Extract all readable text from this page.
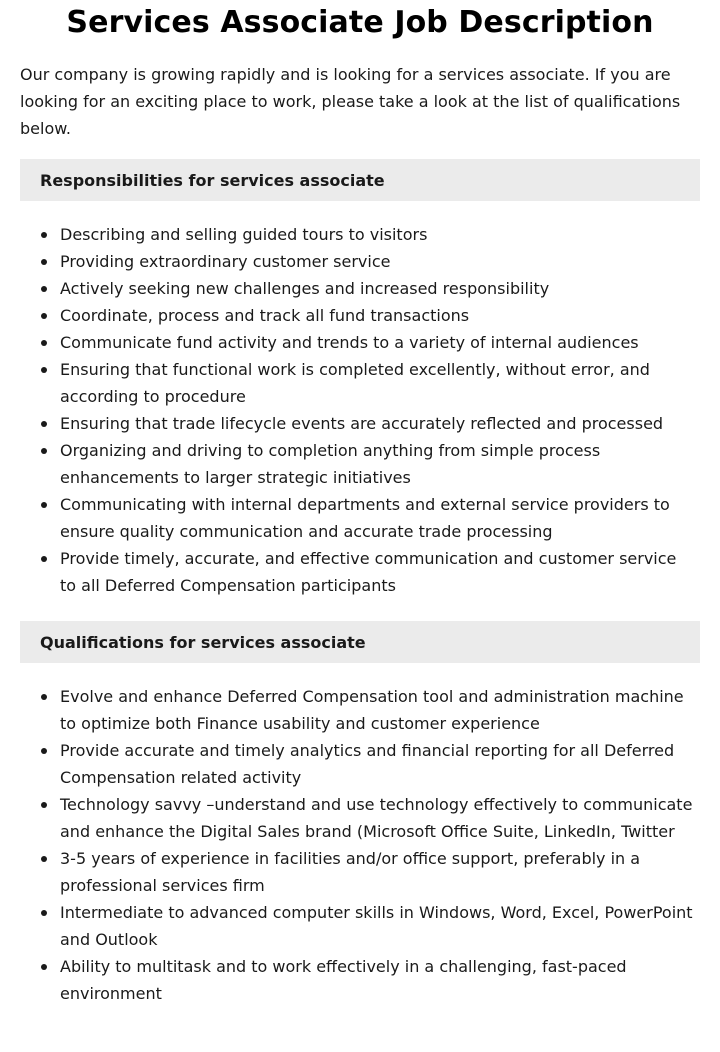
Services Associate Job Description

Our company is growing rapidly and is looking for a services associate. If you are looking for an exciting place to work, please take a look at the list of qualifications below.

Responsibilities for services associate
Describing and selling guided tours to visitors
Providing extraordinary customer service
Actively seeking new challenges and increased responsibility
Coordinate, process and track all fund transactions
Communicate fund activity and trends to a variety of internal audiences
Ensuring that functional work is completed excellently, without error, and according to procedure
Ensuring that trade lifecycle events are accurately reflected and processed
Organizing and driving to completion anything from simple process enhancements to larger strategic initiatives
Communicating with internal departments and external service providers to ensure quality communication and accurate trade processing
Provide timely, accurate, and effective communication and customer service to all Deferred Compensation participants
Qualifications for services associate
Evolve and enhance Deferred Compensation tool and administration machine to optimize both Finance usability and customer experience
Provide accurate and timely analytics and financial reporting for all Deferred Compensation related activity
Technology savvy –understand and use technology effectively to communicate and enhance the Digital Sales brand (Microsoft Office Suite, LinkedIn, Twitter
3-5 years of experience in facilities and/or office support, preferably in a professional services firm
Intermediate to advanced computer skills in Windows, Word, Excel, PowerPoint and Outlook
Ability to multitask and to work effectively in a challenging, fast-paced environment
